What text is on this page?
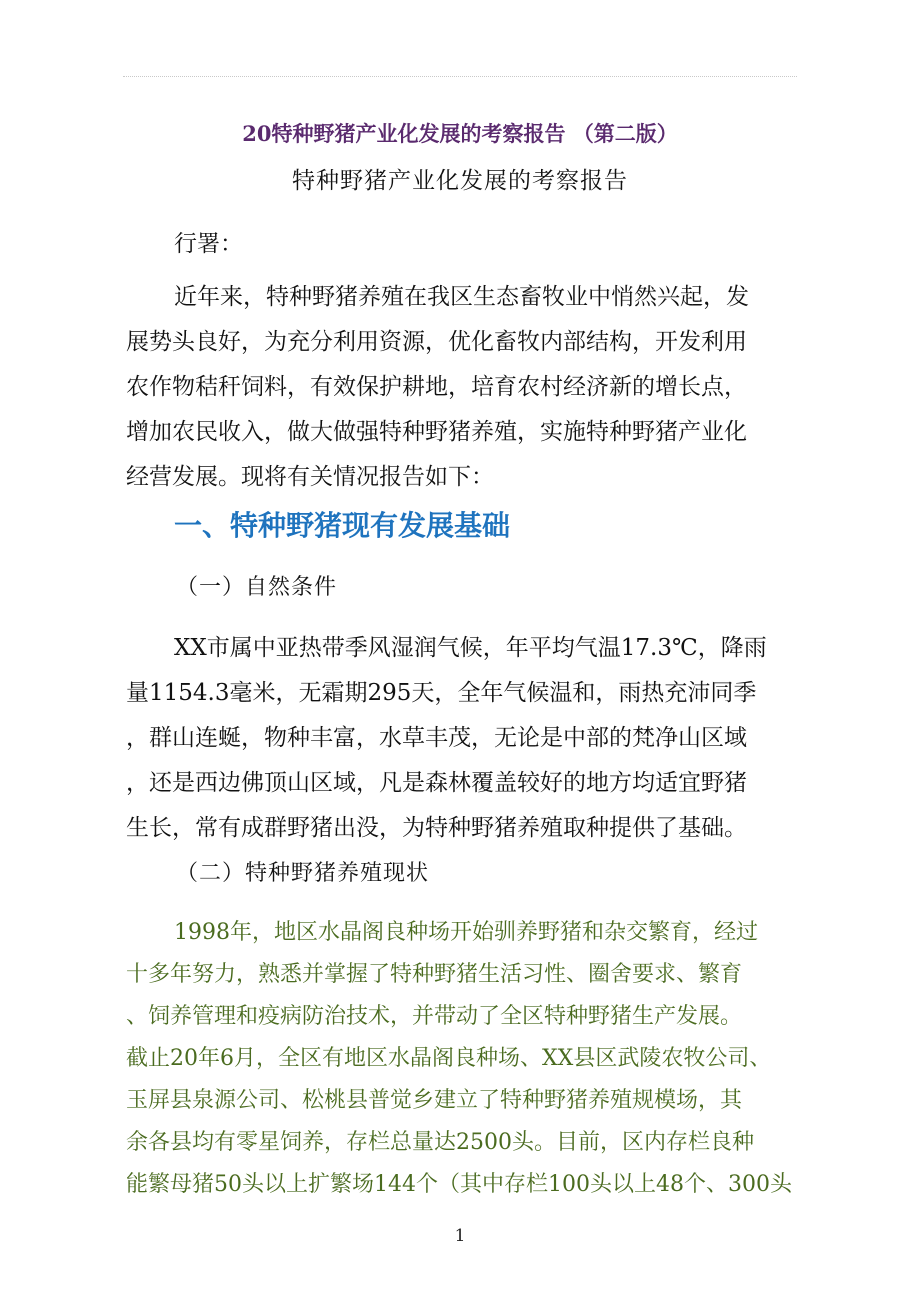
20特种野猪产业化发展的考察报告 （第二版）
特种野猪产业化发展的考察报告
行署：
近年来，特种野猪养殖在我区生态畜牧业中悄然兴起，发
展势头良好，为充分利用资源，优化畜牧内部结构，开发利用
农作物秸秆饲料，有效保护耕地，培育农村经济新的增长点，
增加农民收入，做大做强特种野猪养殖，实施特种野猪产业化
经营发展。现将有关情况报告如下：
一、特种野猪现有发展基础
（一）自然条件
XX市属中亚热带季风湿润气候，年平均气温17.3℃，降雨
量1154.3毫米，无霜期295天，全年气候温和，雨热充沛同季
，群山连蜒，物种丰富，水草丰茂，无论是中部的梵净山区域
，还是西边佛顶山区域，凡是森林覆盖较好的地方均适宜野猪
生长，常有成群野猪出没，为特种野猪养殖取种提供了基础。
（二）特种野猪养殖现状
1998年，地区水晶阁良种场开始驯养野猪和杂交繁育，经过
十多年努力，熟悉并掌握了特种野猪生活习性、圈舍要求、繁育
、饲养管理和疫病防治技术，并带动了全区特种野猪生产发展。
截止20年6月，全区有地区水晶阁良种场、XX县区武陵农牧公司、
玉屏县泉源公司、松桃县普觉乡建立了特种野猪养殖规模场，其
余各县均有零星饲养，存栏总量达2500头。目前，区内存栏良种
能繁母猪50头以上扩繁场144个（其中存栏100头以上48个、300头
1
